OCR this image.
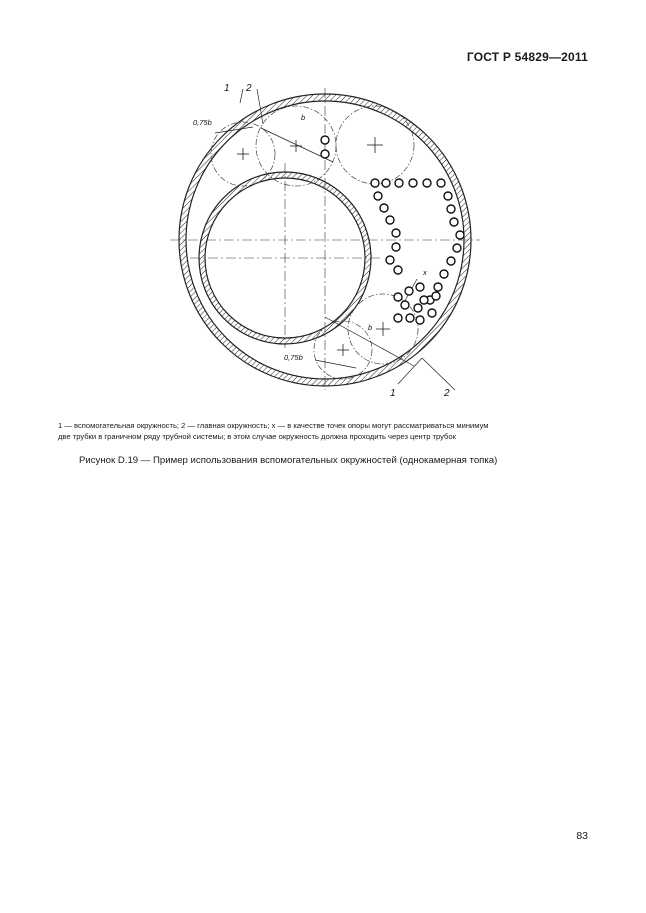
ГОСТ Р 54829—2011
1 2
1	2
0,75b
0,75b
b
b
x
1 — вспомогательная окружность; 2 — главная окружность; x — в качестве точек опоры могут рассматриваться минимум
две трубки в граничном ряду трубной системы; в этом случае окружность должна проходить через центр трубок
Рисунок D.19 — Пример использования вспомогательных окружностей (однокамерная топка)
83
